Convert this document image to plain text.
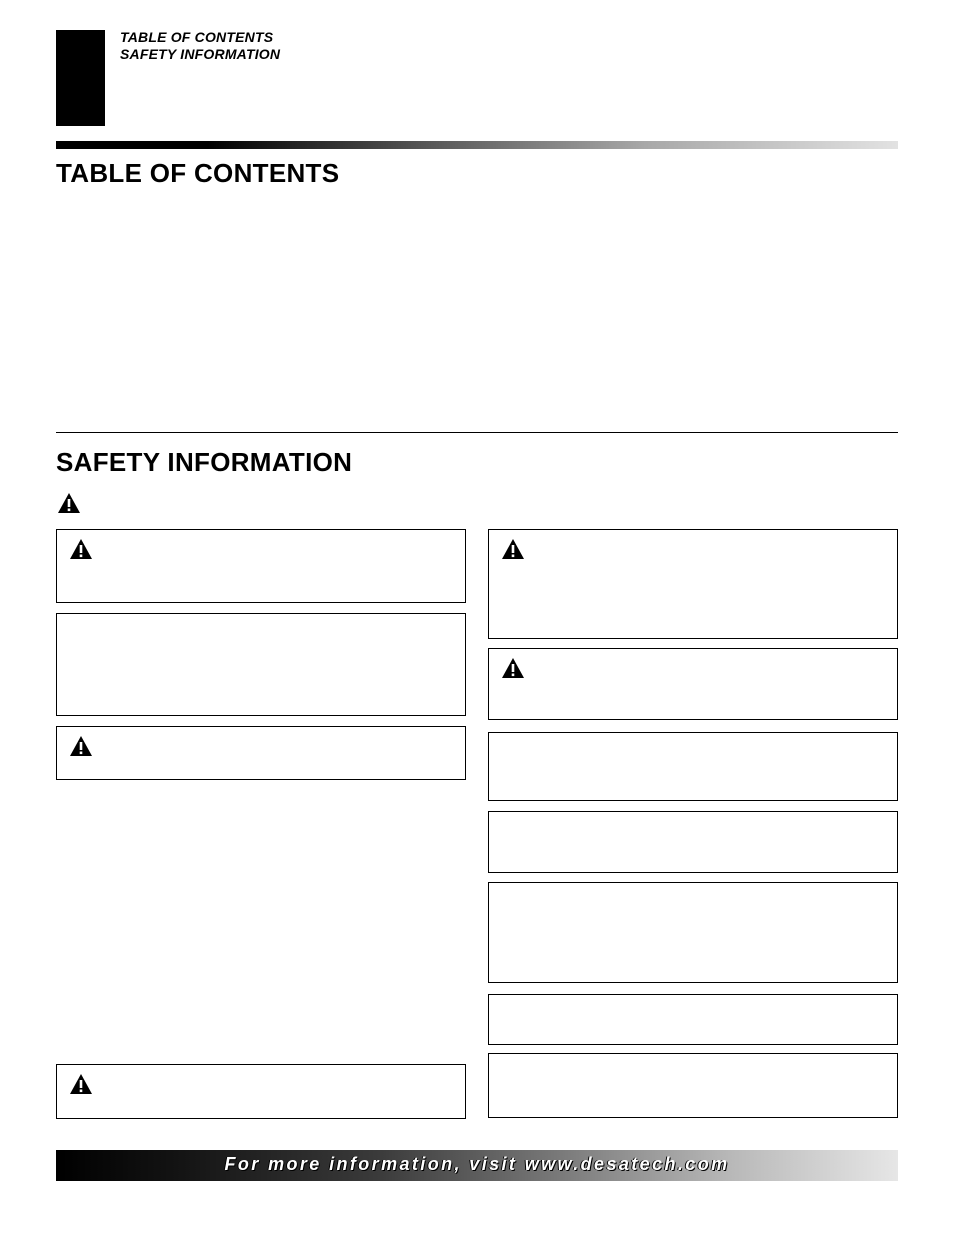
TABLE OF CONTENTS
SAFETY INFORMATION
TABLE OF CONTENTS
SAFETY INFORMATION
For more information, visit www.desatech.com
